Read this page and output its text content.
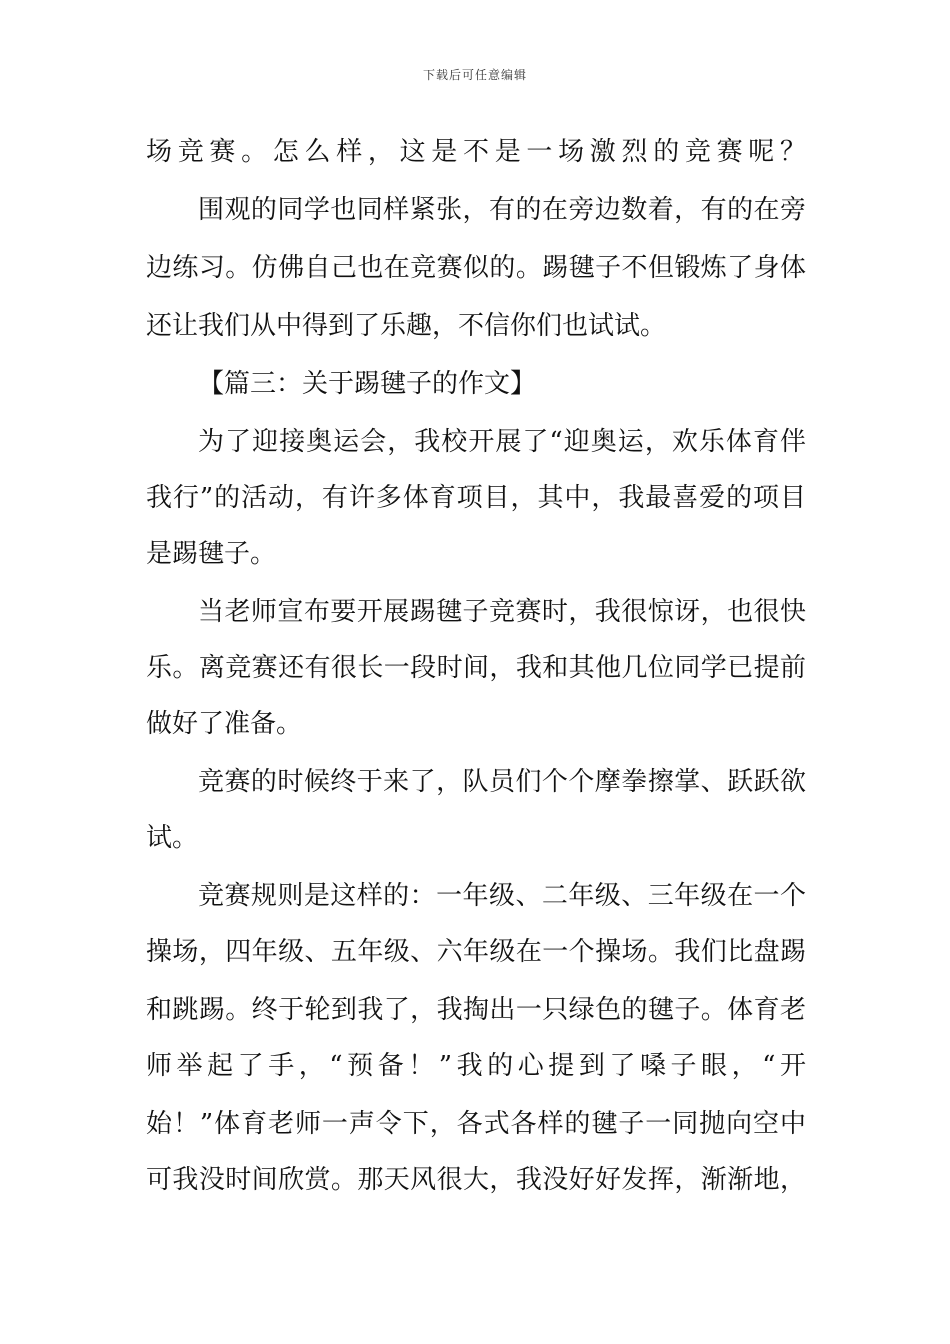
下载后可任意编辑
场竞赛。怎么样，这是不是一场激烈的竞赛呢？
围观的同学也同样紧张，有的在旁边数着，有的在旁
边练习。仿佛自己也在竞赛似的。踢毽子不但锻炼了身体
还让我们从中得到了乐趣，不信你们也试试。
【篇三：关于踢毽子的作文】
为了迎接奥运会，我校开展了“迎奥运，欢乐体育伴
我行”的活动，有许多体育项目，其中，我最喜爱的项目
是踢毽子。
当老师宣布要开展踢毽子竞赛时，我很惊讶，也很快
乐。离竞赛还有很长一段时间，我和其他几位同学已提前
做好了准备。
竞赛的时候终于来了，队员们个个摩拳擦掌、跃跃欲
试。
竞赛规则是这样的：一年级、二年级、三年级在一个
操场，四年级、五年级、六年级在一个操场。我们比盘踢
和跳踢。终于轮到我了，我掏出一只绿色的毽子。体育老
师举起了手，“预备！”我的心提到了嗓子眼，“开
始！”体育老师一声令下，各式各样的毽子一同抛向空中
可我没时间欣赏。那天风很大，我没好好发挥，渐渐地，
